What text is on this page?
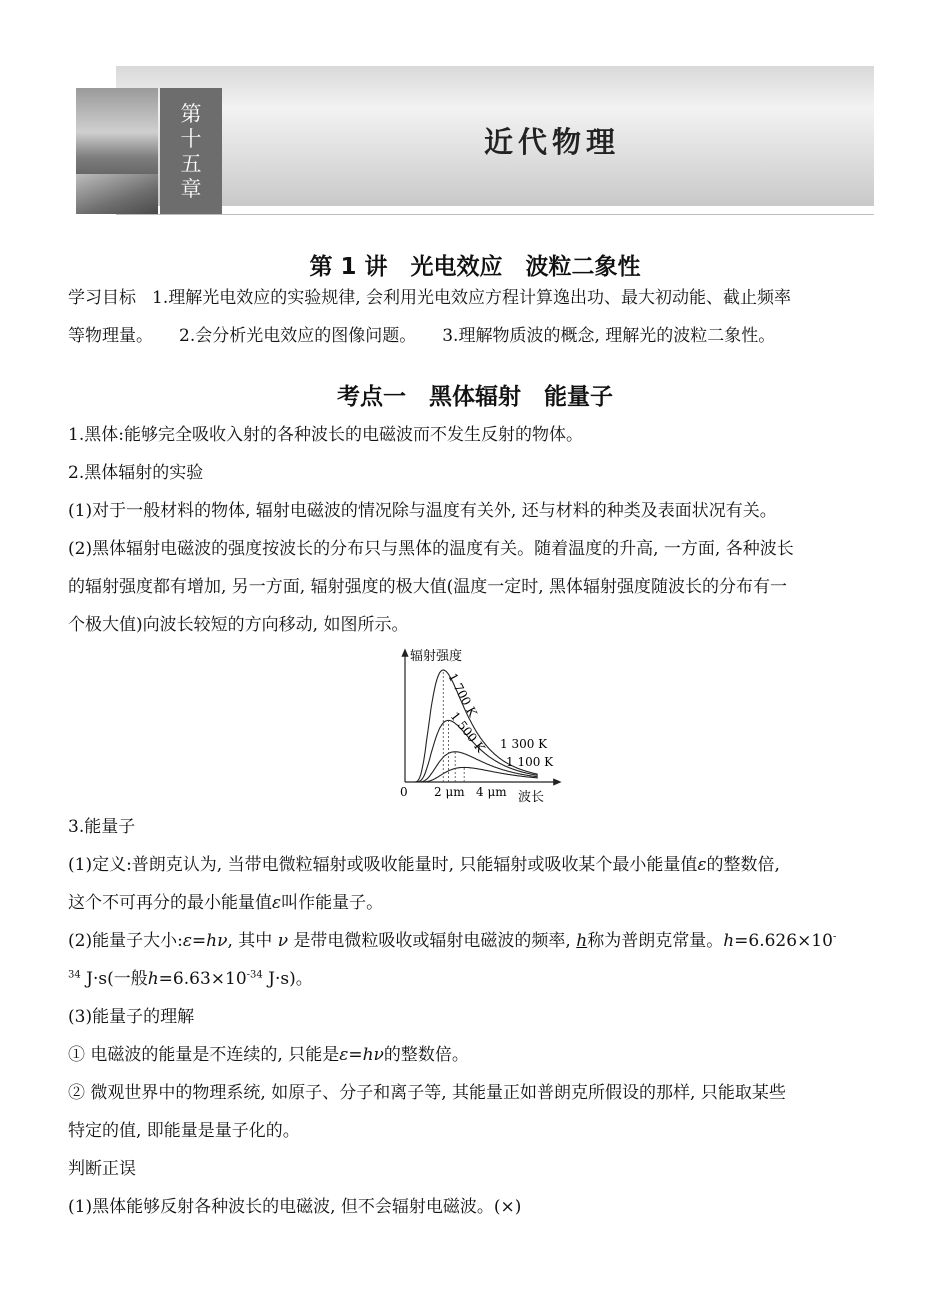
第十五章
近代物理
第 1 讲　光电效应　波粒二象性
学习目标 1.理解光电效应的实验规律, 会利用光电效应方程计算逸出功、最大初动能、截止频率
等物理量。 2.会分析光电效应的图像问题。 3.理解物质波的概念, 理解光的波粒二象性。
考点一　黑体辐射　能量子
1.黑体:能够完全吸收入射的各种波长的电磁波而不发生反射的物体。
2.黑体辐射的实验
(1)对于一般材料的物体, 辐射电磁波的情况除与温度有关外, 还与材料的种类及表面状况有关。
(2)黑体辐射电磁波的强度按波长的分布只与黑体的温度有关。随着温度的升高, 一方面, 各种波长
的辐射强度都有增加, 另一方面, 辐射强度的极大值(温度一定时, 黑体辐射强度随波长的分布有一
个极大值)向波长较短的方向移动, 如图所示。
辐射强度
波长
0 2 μm 4 μm
1 700 K
1 500 K 1 300 K
1 100 K
3.能量子
(1)定义:普朗克认为, 当带电微粒辐射或吸收能量时, 只能辐射或吸收某个最小能量值ε的整数倍,
这个不可再分的最小能量值ε叫作能量子。
(2)能量子大小:ε=hν, 其中 ν 是带电微粒吸收或辐射电磁波的频率, h称为普朗克常量。h=6.626×10-
$^{34}$ J·s(一般$h=6.63\times 10^{-34}$ J·s)。
(3)能量子的理解
① 电磁波的能量是不连续的, 只能是ε=hν的整数倍。
② 微观世界中的物理系统, 如原子、分子和离子等, 其能量正如普朗克所假设的那样, 只能取某些
特定的值, 即能量是量子化的。
判断正误
(1)黑体能够反射各种波长的电磁波, 但不会辐射电磁波。(×)
